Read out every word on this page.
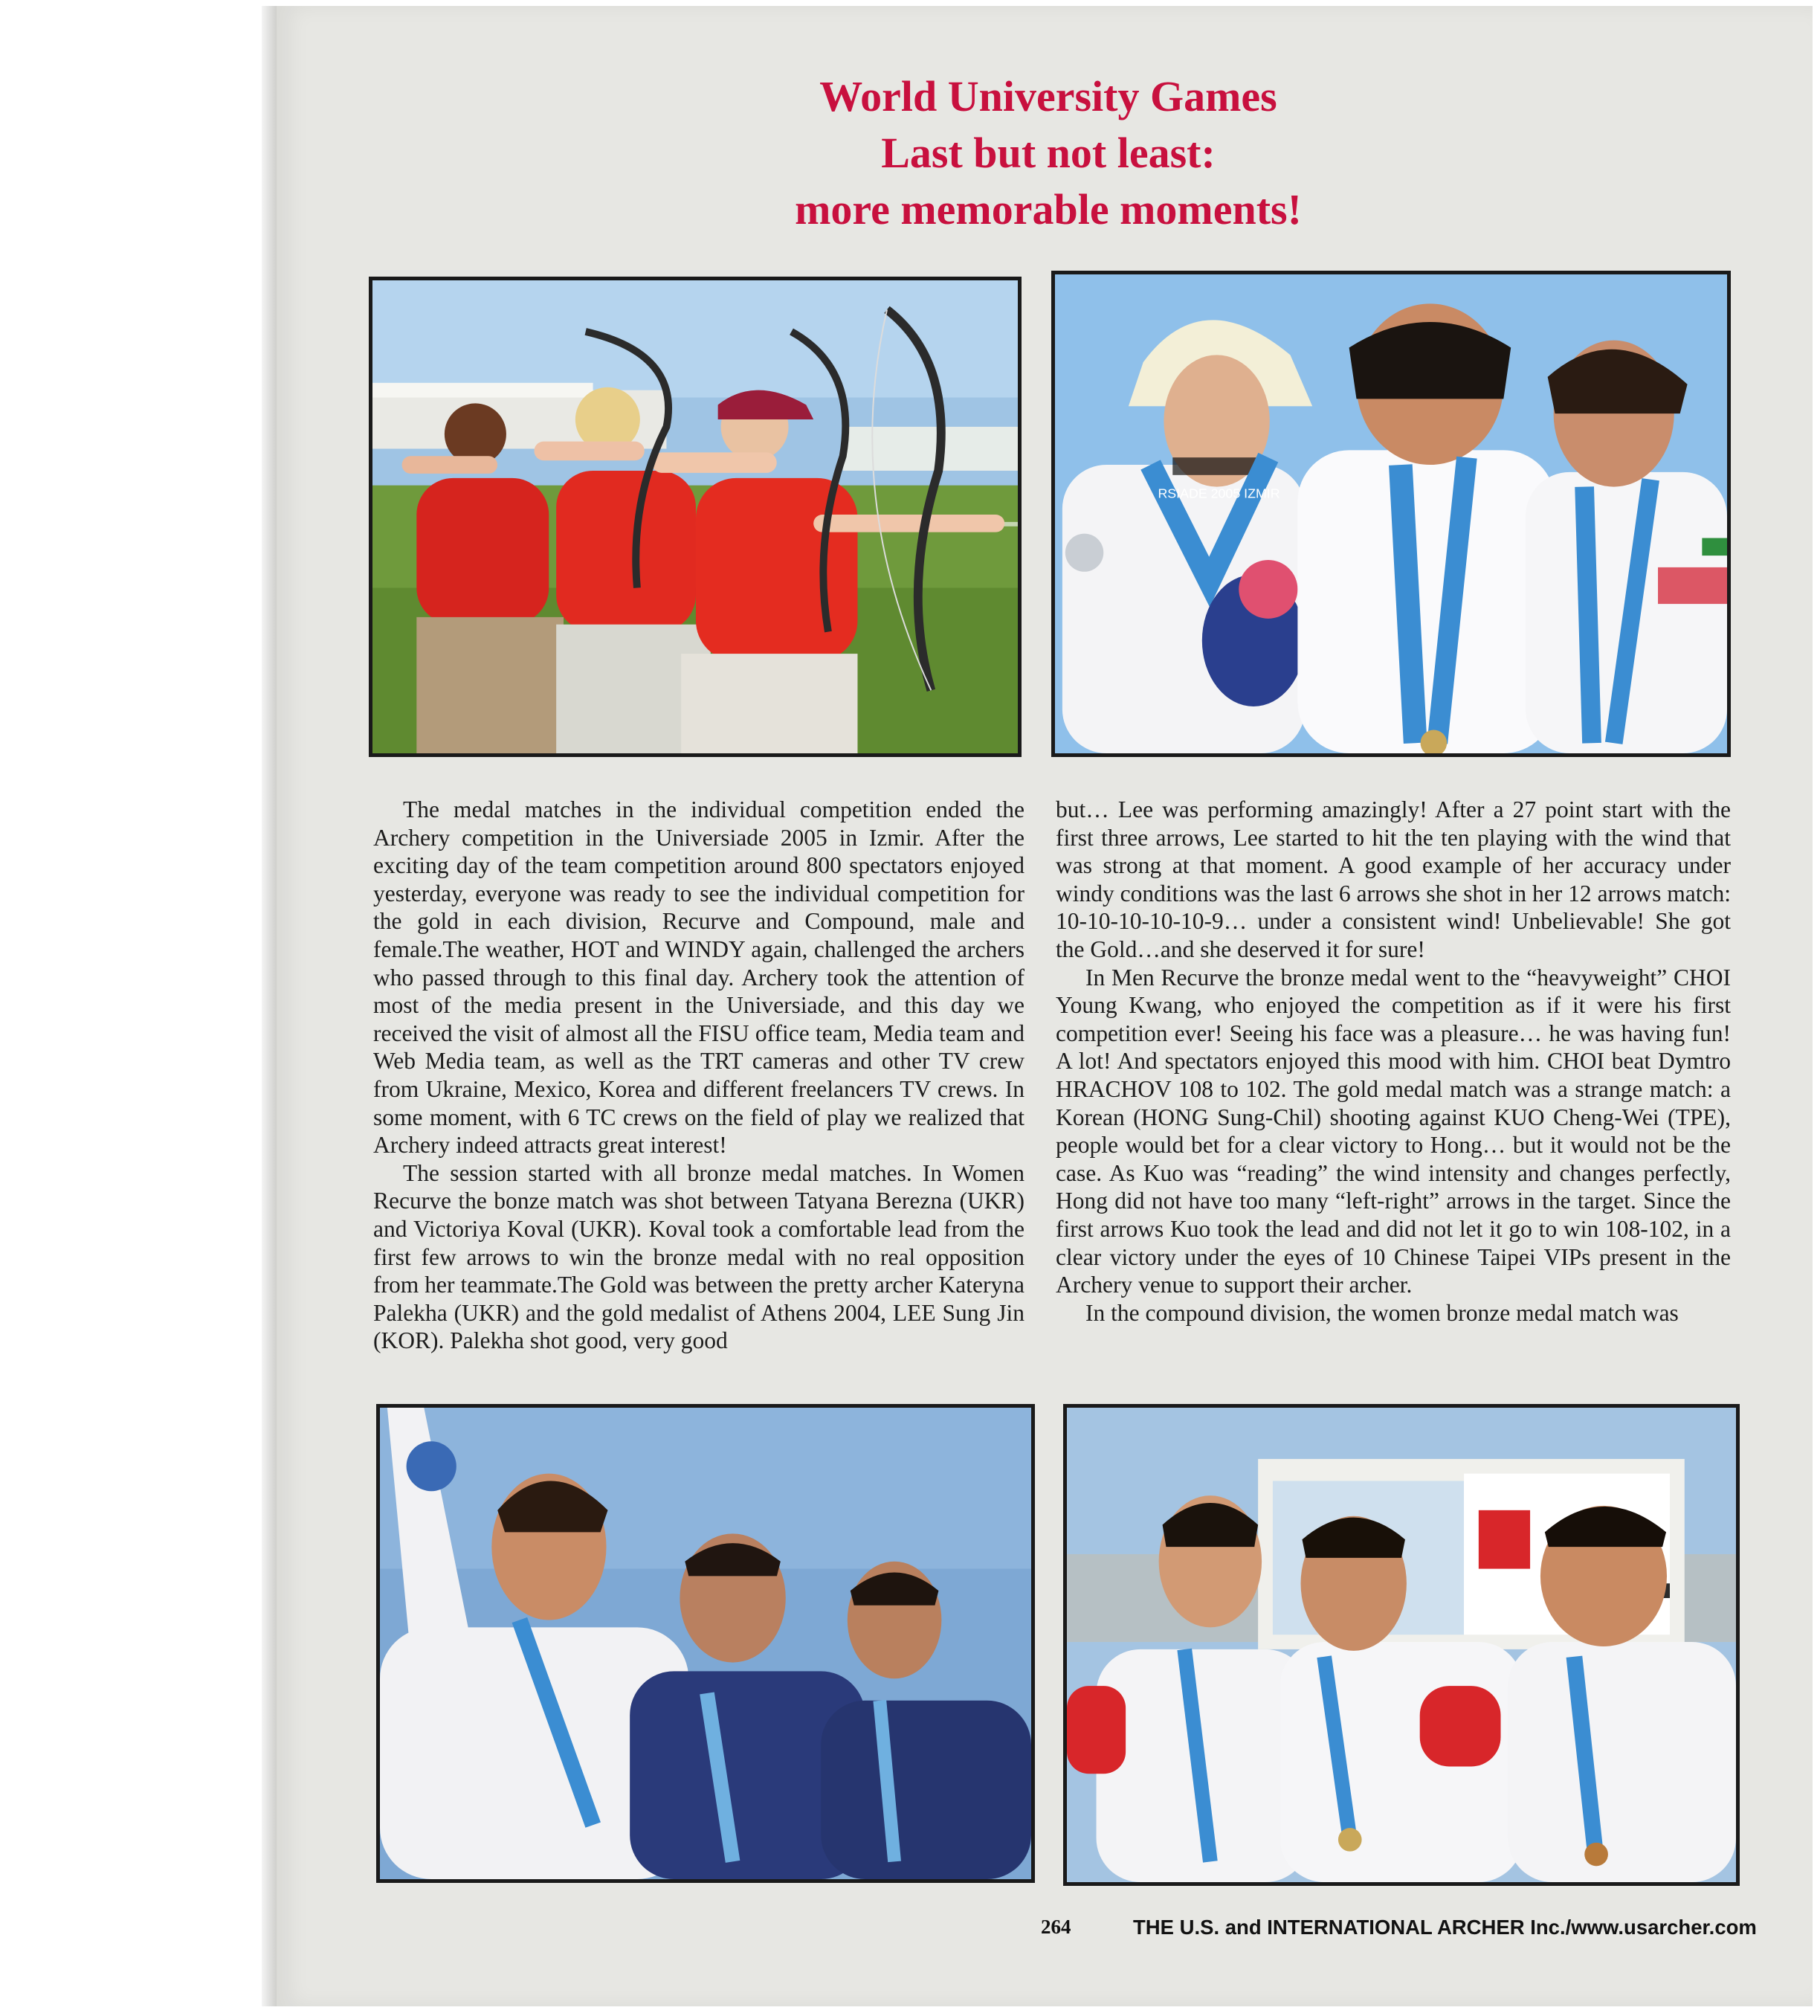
World University Games
Last but not least:
more memorable moments!
RSIADE 2005 IZMIR

The medal matches in the individual competition ended the Archery competition in the Universiade 2005 in Izmir. After the exciting day of the team competition around 800 spectators enjoyed yesterday, everyone was ready to see the individual competition for the gold in each division, Recurve and Compound, male and female.The weather, HOT and WINDY again, challenged the archers who passed through to this final day. Archery took the attention of most of the media present in the Universiade, and this day we received the visit of almost all the FISU office team, Media team and Web Media team, as well as the TRT cameras and other TV crew from Ukraine, Mexico, Korea and different freelancers TV crews. In some moment, with 6 TC crews on the field of play we realized that Archery indeed attracts great interest!

The session started with all bronze medal matches. In Women Recurve the bonze match was shot between Tatyana Berezna (UKR) and Victoriya Koval (UKR). Koval took a comfortable lead from the first few arrows to win the bronze medal with no real opposition from her teammate.The Gold was between the pretty archer Kateryna Palekha (UKR) and the gold medalist of Athens 2004, LEE Sung Jin (KOR). Palekha shot good, very good

but… Lee was performing amazingly! After a 27 point start with the first three arrows, Lee started to hit the ten playing with the wind that was strong at that moment. A good example of her accuracy under windy conditions was the last 6 arrows she shot in her 12 arrows match: 10-10-10-10-10-9… under a consistent wind! Unbelievable! She got the Gold…and she deserved it for sure!

In Men Recurve the bronze medal went to the “heavyweight” CHOI Young Kwang, who enjoyed the competition as if it were his first competition ever! Seeing his face was a pleasure… he was having fun! A lot! And spectators enjoyed this mood with him. CHOI beat Dymtro HRACHOV 108 to 102. The gold medal match was a strange match: a Korean (HONG Sung-Chil) shooting against KUO Cheng-Wei (TPE), people would bet for a clear victory to Hong… but it would not be the case. As Kuo was “reading” the wind intensity and changes perfectly, Hong did not have too many “left-right” arrows in the target. Since the first arrows Kuo took the lead and did not let it go to win 108-102, in a clear victory under the eyes of 10 Chinese Taipei VIPs present in the Archery venue to support their archer.

In the compound division, the women bronze medal match was

264	THE U.S. and INTERNATIONAL ARCHER Inc./www.usarcher.com
